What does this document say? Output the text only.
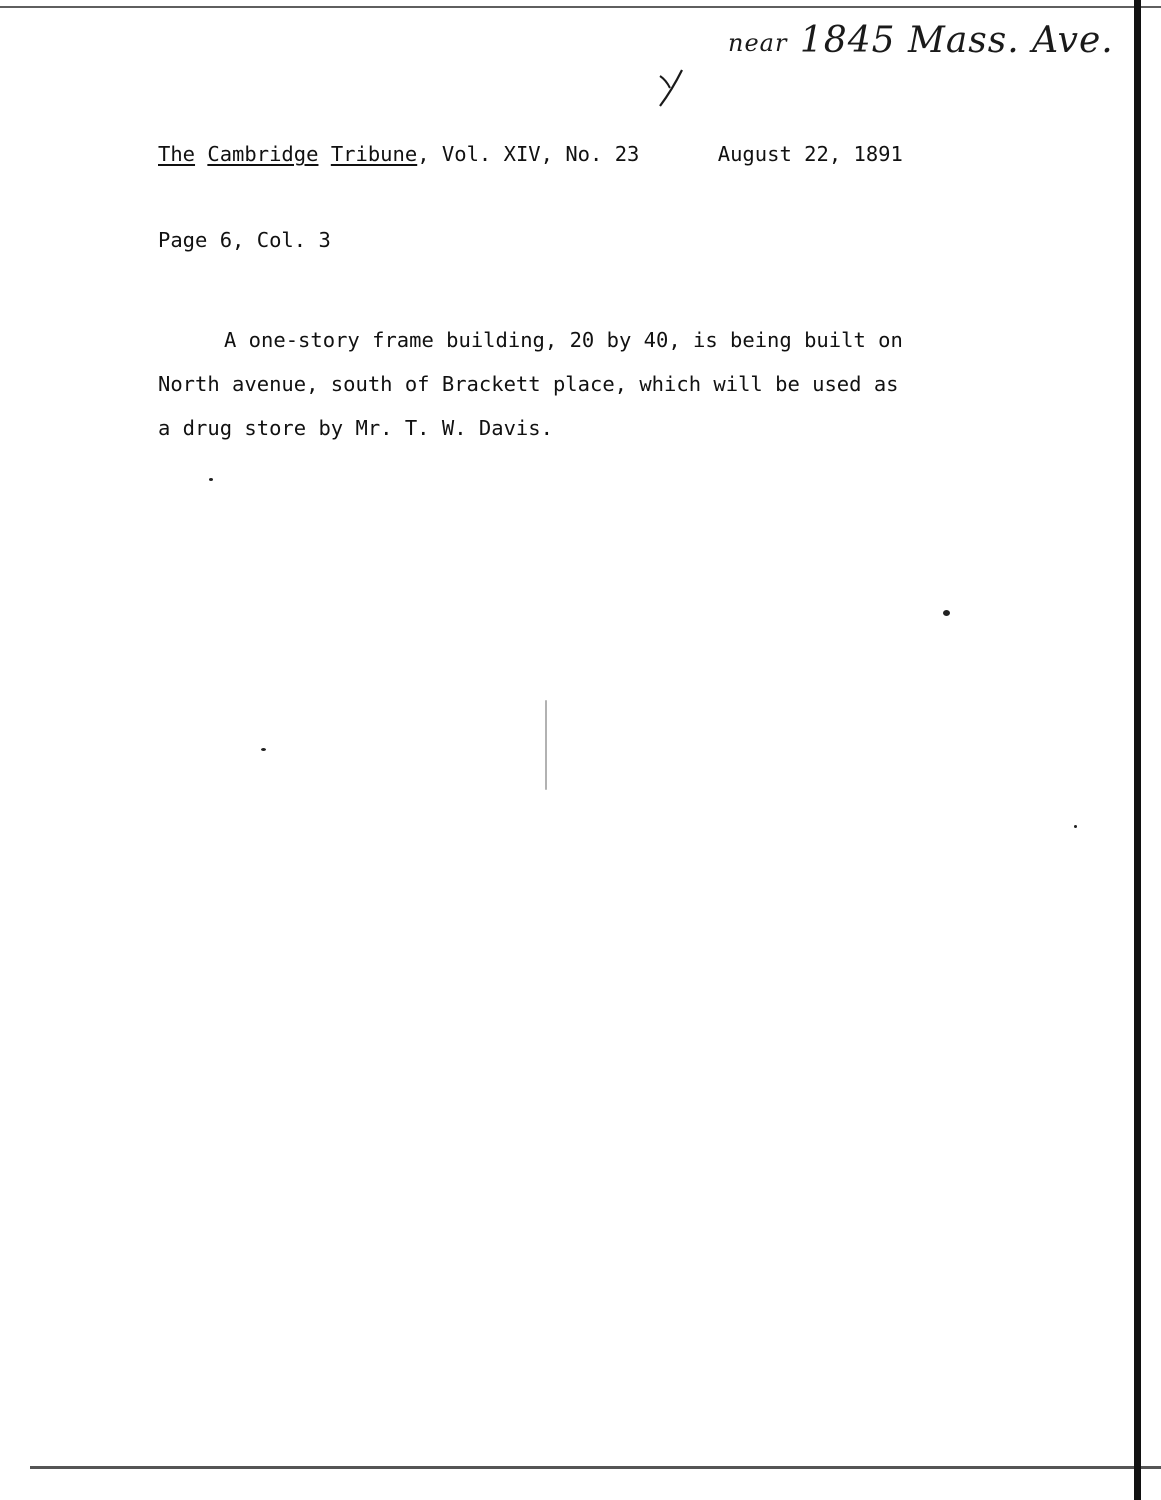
near 1845 Mass. Ave.
The Cambridge Tribune, Vol. XIV, No. 23	August 22, 1891
Page 6, Col. 3
A one-story frame building, 20 by 40, is being built on
North avenue, south of Brackett place, which will be used as
a drug store by Mr. T. W. Davis.
